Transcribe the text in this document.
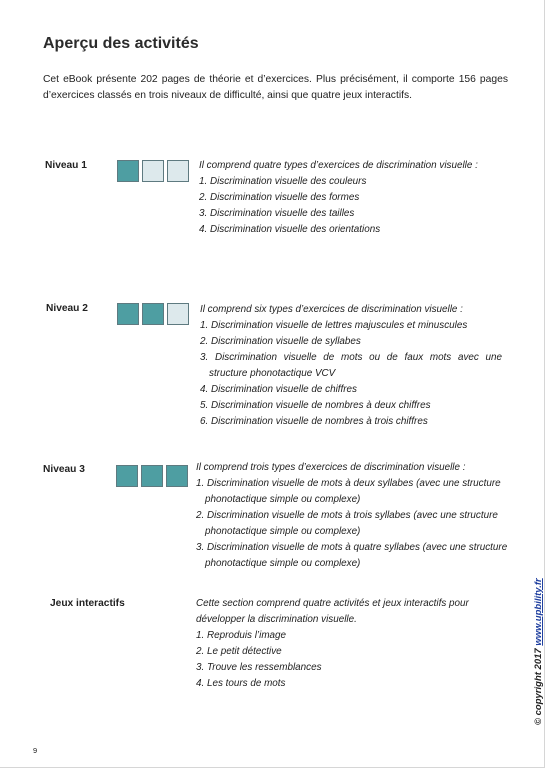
Aperçu des activités

Cet eBook présente 202 pages de théorie et d’exercices. Plus précisément, il comporte 156 pages d’exercices classés en trois niveaux de difficulté, ainsi que quatre jeux interactifs.

Niveau 1	Il comprend quatre types d’exercices de discrimination visuelle :
1. Discrimination visuelle des couleurs
2. Discrimination visuelle des formes
3. Discrimination visuelle des tailles
4. Discrimination visuelle des orientations
Niveau 2	Il comprend six types d’exercices de discrimination visuelle :
1. Discrimination visuelle de lettres majuscules et minuscules
2. Discrimination visuelle de syllabes
3. Discrimination visuelle de mots ou de faux mots avec une structure phonotactique VCV
4. Discrimination visuelle de chiffres
5. Discrimination visuelle de nombres à deux chiffres
6. Discrimination visuelle de nombres à trois chiffres
Niveau 3	Il comprend trois types d’exercices de discrimination visuelle :
1. Discrimination visuelle de mots à deux syllabes (avec une structure phonotactique simple ou complexe)
2. Discrimination visuelle de mots à trois syllabes (avec une structure phonotactique simple ou complexe)
3. Discrimination visuelle de mots à quatre syllabes (avec une structure phonotactique simple ou complexe)
Jeux interactifs	Cette section comprend quatre activités et jeux interactifs pour développer la discrimination visuelle.
1. Reproduis l’image
2. Le petit détective
3. Trouve les ressemblances
4. Les tours de mots	© copyright 2017 www.upbility.fr
9
